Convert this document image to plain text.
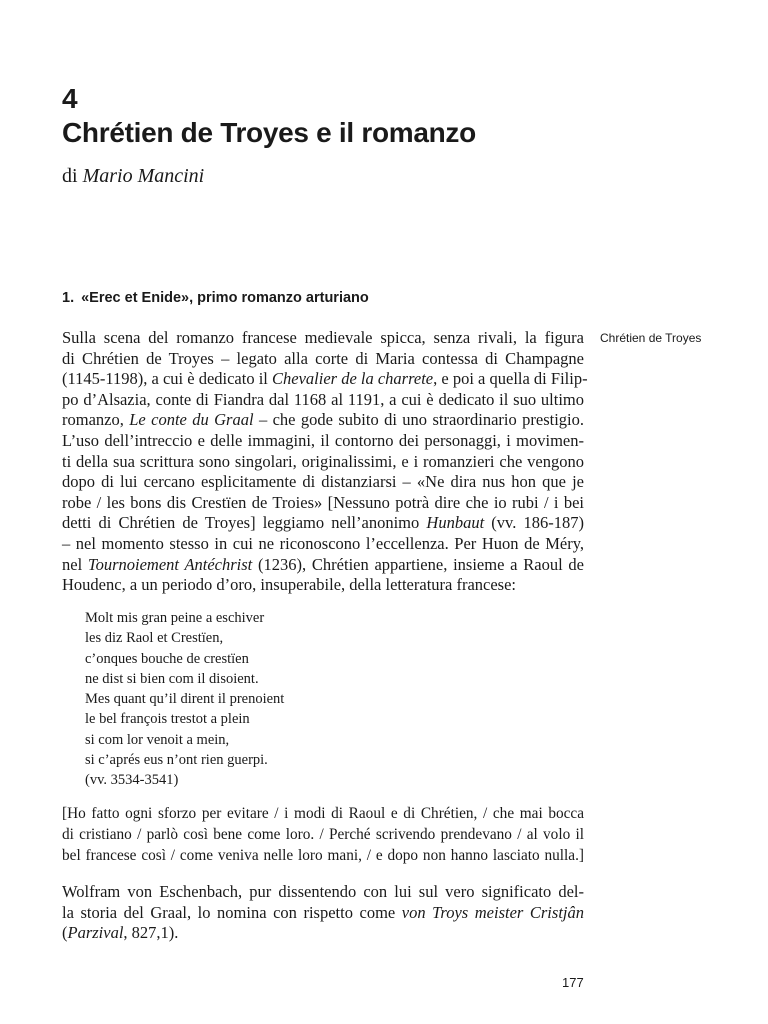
4
Chrétien de Troyes e il romanzo
di Mario Mancini
1. «Erec et Enide», primo romanzo arturiano
Chrétien de Troyes
Sulla scena del romanzo francese medievale spicca, senza rivali, la figura
di Chrétien de Troyes – legato alla corte di Maria contessa di Champagne
(1145-1198), a cui è dedicato il Chevalier de la charrete, e poi a quella di Filip-
po d’Alsazia, conte di Fiandra dal 1168 al 1191, a cui è dedicato il suo ultimo
romanzo, Le conte du Graal – che gode subito di uno straordinario prestigio.
L’uso dell’intreccio e delle immagini, il contorno dei personaggi, i movimen-
ti della sua scrittura sono singolari, originalissimi, e i romanzieri che vengono
dopo di lui cercano esplicitamente di distanziarsi – «Ne dira nus hon que je
robe / les bons dis Crestïen de Troies» [Nessuno potrà dire che io rubi / i bei
detti di Chrétien de Troyes] leggiamo nell’anonimo Hunbaut (vv. 186-187)
– nel momento stesso in cui ne riconoscono l’eccellenza. Per Huon de Méry,
nel Tournoiement Antéchrist (1236), Chrétien appartiene, insieme a Raoul de
Houdenc, a un periodo d’oro, insuperabile, della letteratura francese:
Molt mis gran peine a eschiver
les diz Raol et Crestïen,
c’onques bouche de crestïen
ne dist si bien com il disoient.
Mes quant qu’il dirent il prenoient
le bel françois trestot a plein
si com lor venoit a mein,
si c’aprés eus n’ont rien guerpi.
(vv. 3534-3541)
[Ho fatto ogni sforzo per evitare / i modi di Raoul e di Chrétien, / che mai bocca
di cristiano / parlò così bene come loro. / Perché scrivendo prendevano / al volo il
bel francese così / come veniva nelle loro mani, / e dopo non hanno lasciato nulla.]
Wolfram von Eschenbach, pur dissentendo con lui sul vero significato del-
la storia del Graal, lo nomina con rispetto come von Troys meister Cristjân
(Parzival, 827,1).
177
